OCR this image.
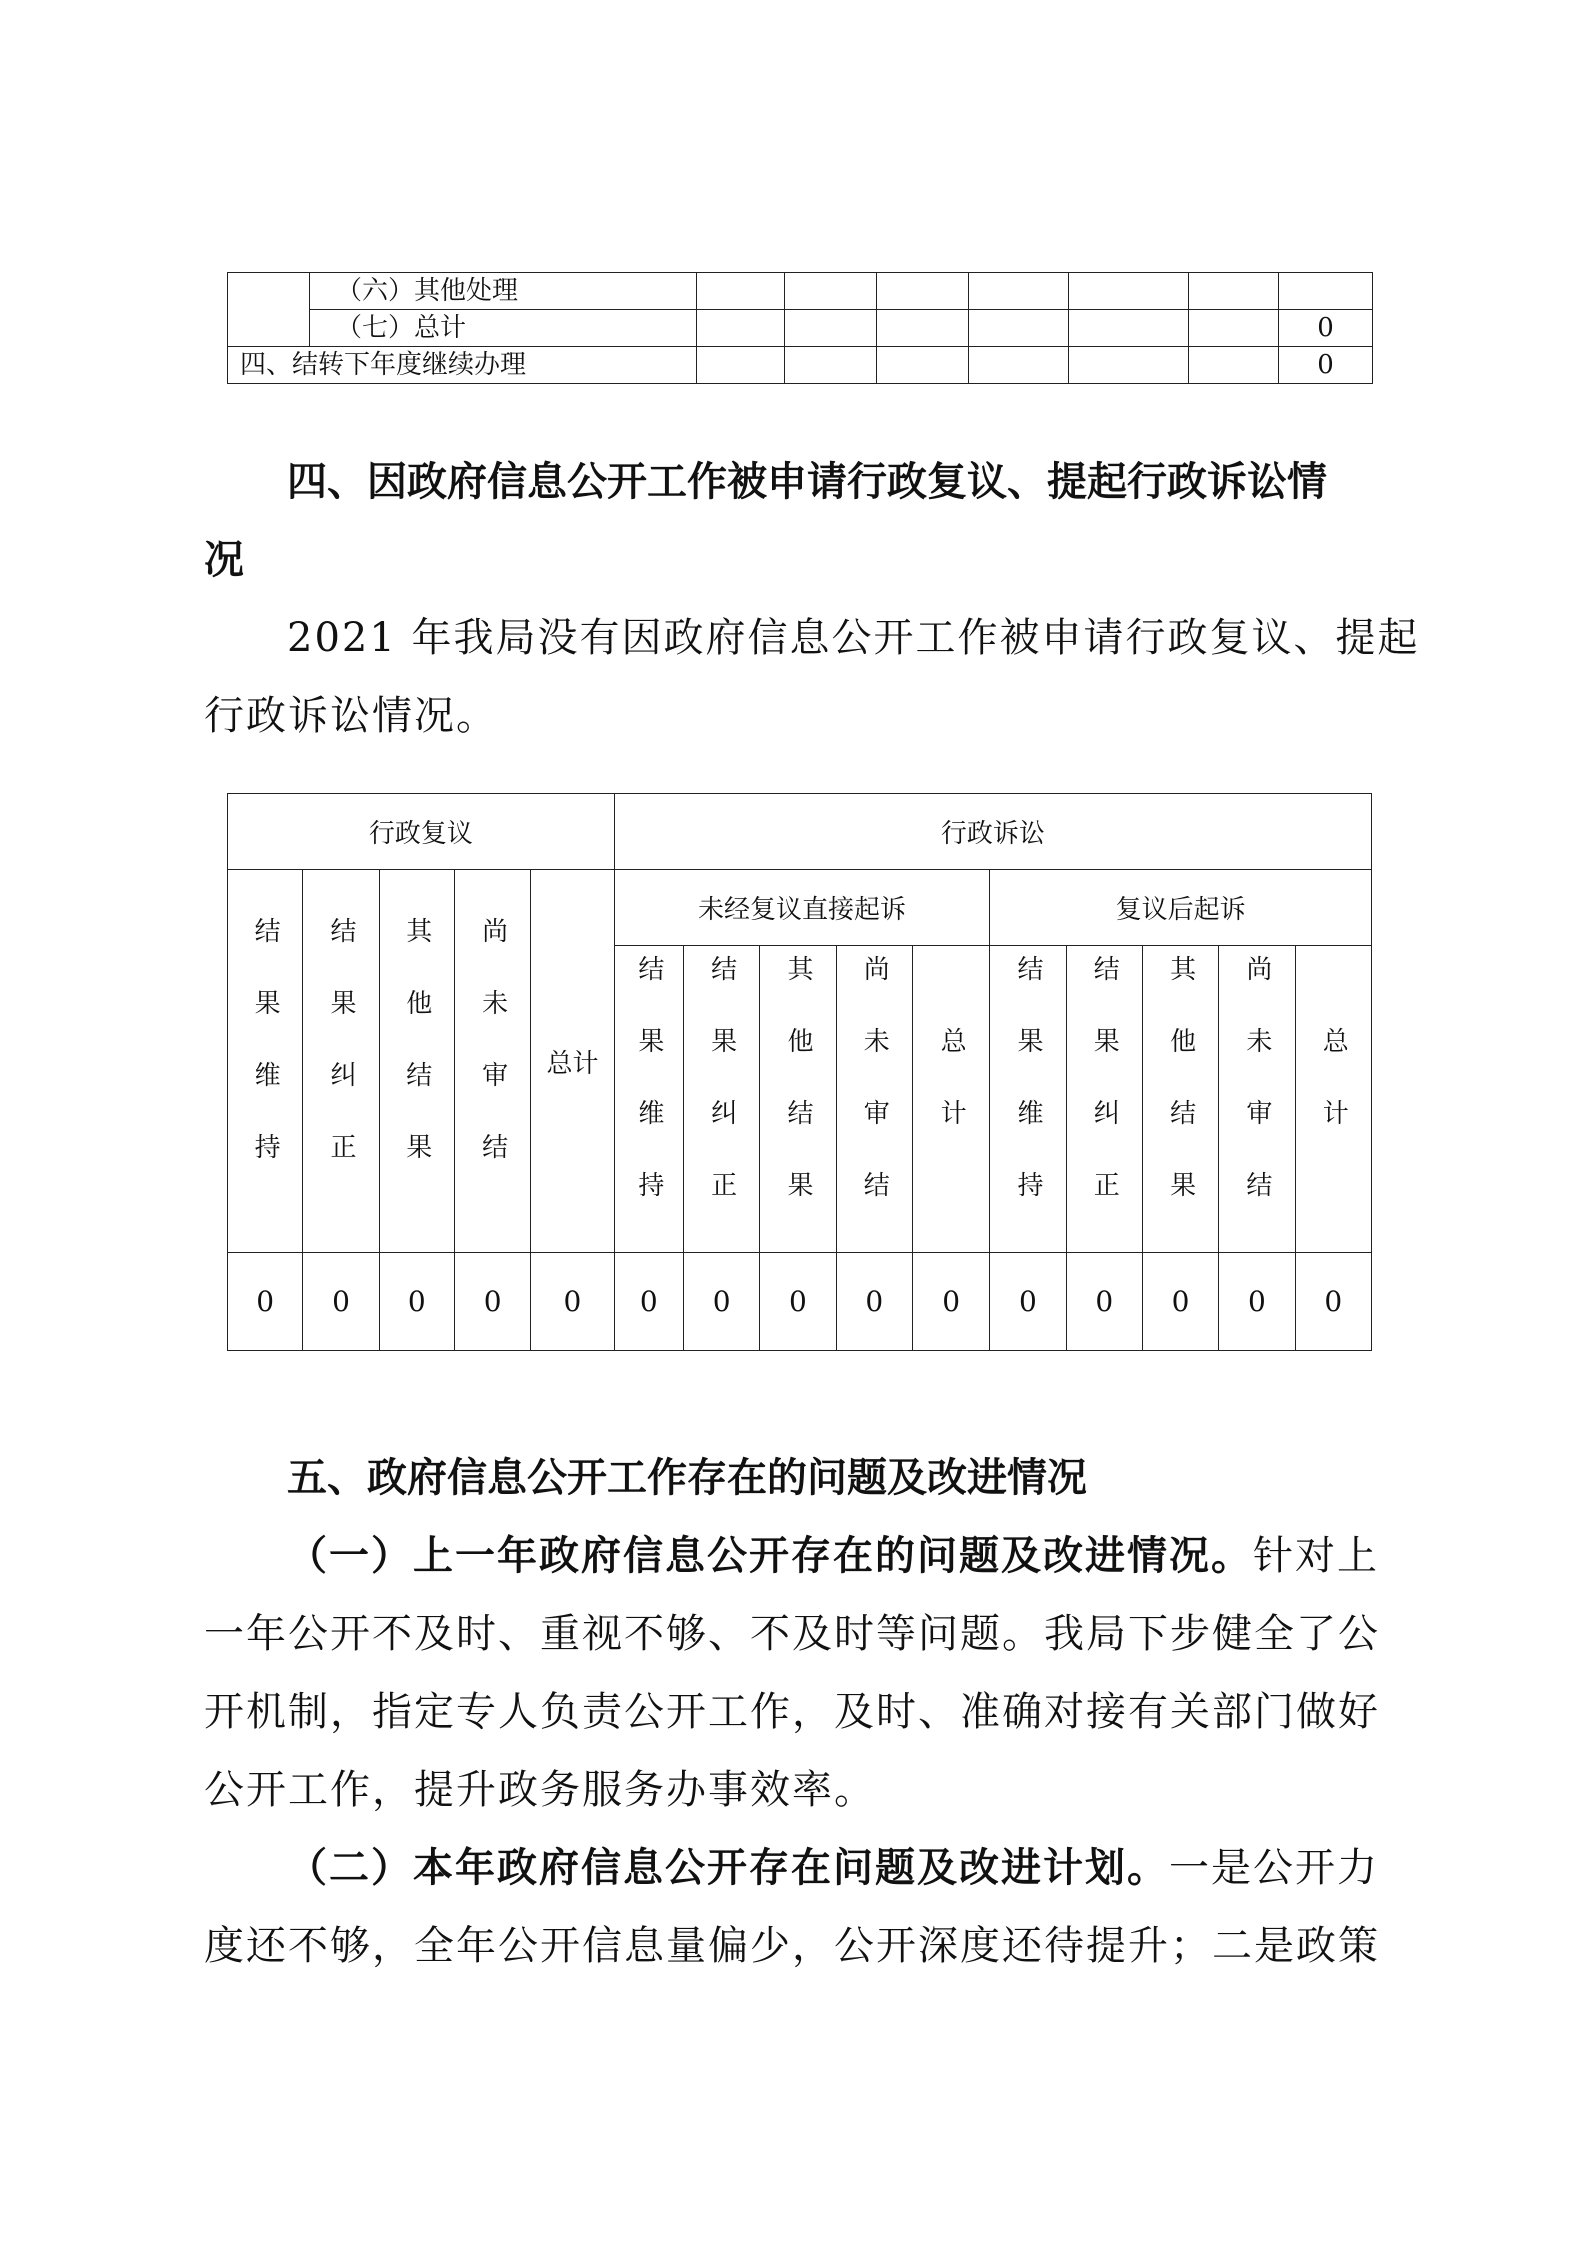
	（六）其他处理							
	（七）总计							0
四、结转下年度继续办理								0
四、因政府信息公开工作被申请行政复议、提起行政诉讼情
况
2021 年我局没有因政府信息公开工作被申请行政复议、提起
行政诉讼情况。
行政复议					行政诉讼									
结果维持	结果纠正	其他结果	尚未审结	总计	未经复议直接起诉					复议后起诉				
					结果维持	结果纠正	其他结果	尚未审结	总计	结果维持	结果纠正	其他结果	尚未审结	总计
0	0	0	0	0	0	0	0	0	0	0	0	0	0	0
五、政府信息公开工作存在的问题及改进情况
（一）上一年政府信息公开存在的问题及改进情况。针对上
一年公开不及时、重视不够、不及时等问题。我局下步健全了公
开机制，指定专人负责公开工作，及时、准确对接有关部门做好
公开工作，提升政务服务办事效率。
（二）本年政府信息公开存在问题及改进计划。一是公开力
度还不够，全年公开信息量偏少，公开深度还待提升；二是政策
